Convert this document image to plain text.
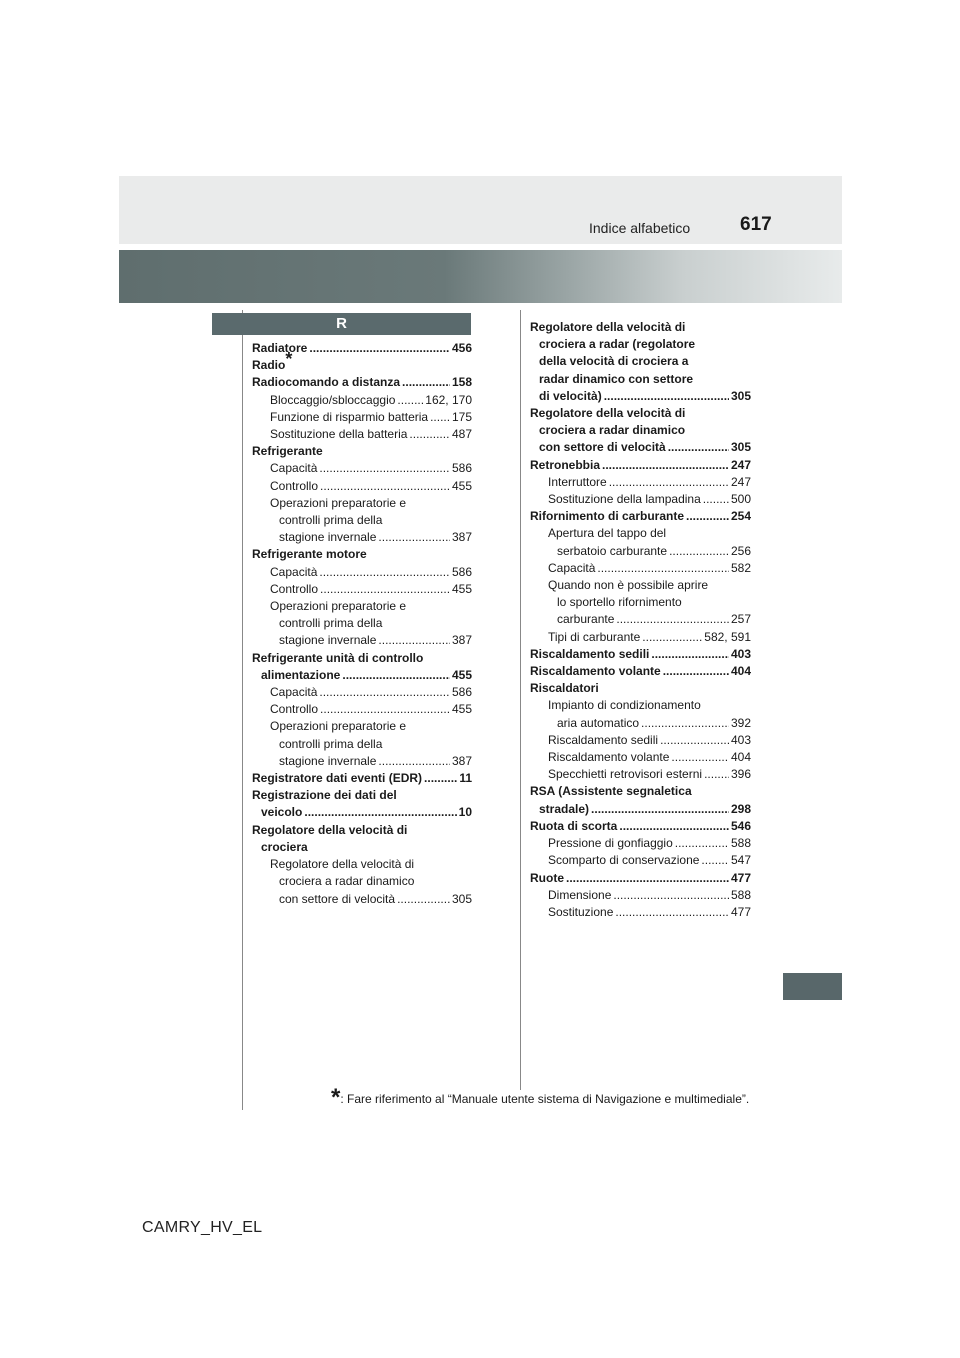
617
Indice alfabetico
R
Radiatore .....	456
Radio*
Radiocomando a distanza .....	158
Bloccaggio/sbloccaggio ..... 162, 170
Funzione di risparmio batteria ..... 175
Sostituzione della batteria .....	487
Refrigerante
Capacità .....	586
Controllo .....	455
Operazioni preparatorie e
controlli prima della
stagione invernale .....	387
Refrigerante motore
Capacità .....	586
Controllo .....	455
Operazioni preparatorie e
controlli prima della
stagione invernale .....	387
Refrigerante unità di controllo
alimentazione .....	455
Capacità .....	586
Controllo .....	455
Operazioni preparatorie e
controlli prima della
stagione invernale .....	387
Registratore dati eventi (EDR) .....	11
Registrazione dei dati del
veicolo .....	10
Regolatore della velocità di
crociera
Regolatore della velocità di
crociera a radar dinamico
con settore di velocità .....	305
Regolatore della velocità di
crociera a radar (regolatore
della velocità di crociera a
radar dinamico con settore
di velocità) .....	305
Regolatore della velocità di
crociera a radar dinamico
con settore di velocità .....	305
Retronebbia .....	247
Interruttore .....	247
Sostituzione della lampadina .....	500
Rifornimento di carburante .....	254
Apertura del tappo del
serbatoio carburante .....	256
Capacità .....	582
Quando non è possibile aprire
lo sportello rifornimento
carburante .....	257
Tipi di carburante .....	582, 591
Riscaldamento sedili .....	403
Riscaldamento volante .....	404
Riscaldatori
Impianto di condizionamento
aria automatico .....	392
Riscaldamento sedili .....	403
Riscaldamento volante .....	404
Specchietti retrovisori esterni ..... 396
RSA (Assistente segnaletica
stradale) .....	298
Ruota di scorta .....	546
Pressione di gonfiaggio .....	588
Scomparto di conservazione .....	547
Ruote .....	477
Dimensione .....	588
Sostituzione .....	477
*: Fare riferimento al “Manuale utente sistema di Navigazione e multimediale”.
CAMRY_HV_EL
